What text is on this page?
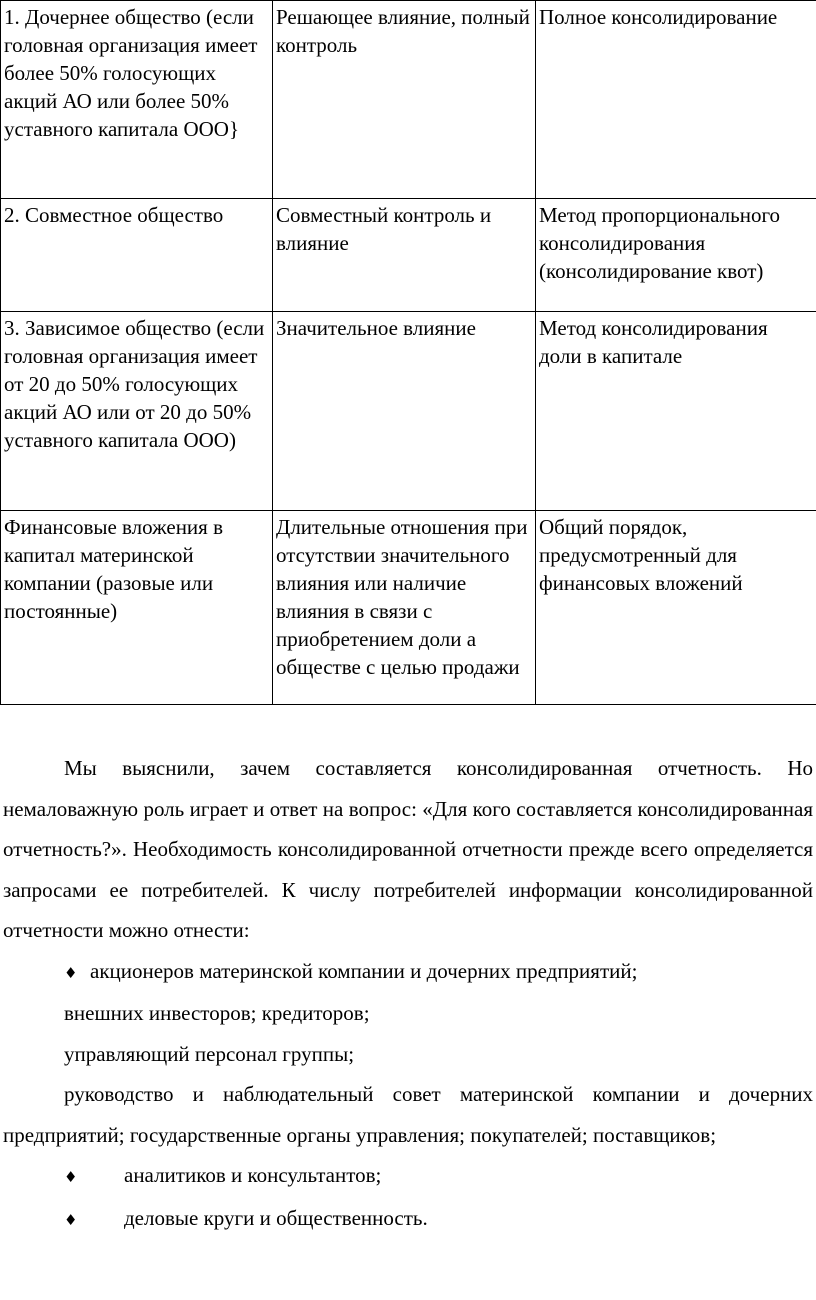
1. Дочернее общество (если головная организация имеет более 50% голосующих акций АО или более 50% уставного капитала ООО}	Решающее влияние, полный контроль	Полное консолидирование
2. Совместное общество	Совместный контроль и влияние	Метод пропорционального консолидирования (консолидирование квот)
3. Зависимое общество (если головная организация имеет от 20 до 50% голосующих акций АО или от 20 до 50% уставного капитала ООО)	Значительное влияние	Метод консолидирования доли в капитале
Финансовые вложения в капитал материнской компании (разовые или постоянные)	Длительные отношения при отсутствии значительного влияния или наличие влияния в связи с приобретением доли а обществе с целью продажи	Общий порядок, предусмотренный для финансовых вложений

Мы выяснили, зачем составляется консолидированная отчетность. Но немаловажную роль играет и ответ на вопрос: «Для кого составляется консолидированная отчетность?». Необходимость консолидированной отчетности прежде всего определяется запросами ее потребителей. К числу потребителей информации консолидированной отчетности можно отнести:

♦ акционеров материнской компании и дочерних предприятий;

внешних инвесторов; кредиторов;

управляющий персонал группы;

руководство и наблюдательный совет материнской компании и дочерних предприятий; государственные органы управления; покупателей; поставщиков;

♦ аналитиков и консультантов;

♦ деловые круги и общественность.
